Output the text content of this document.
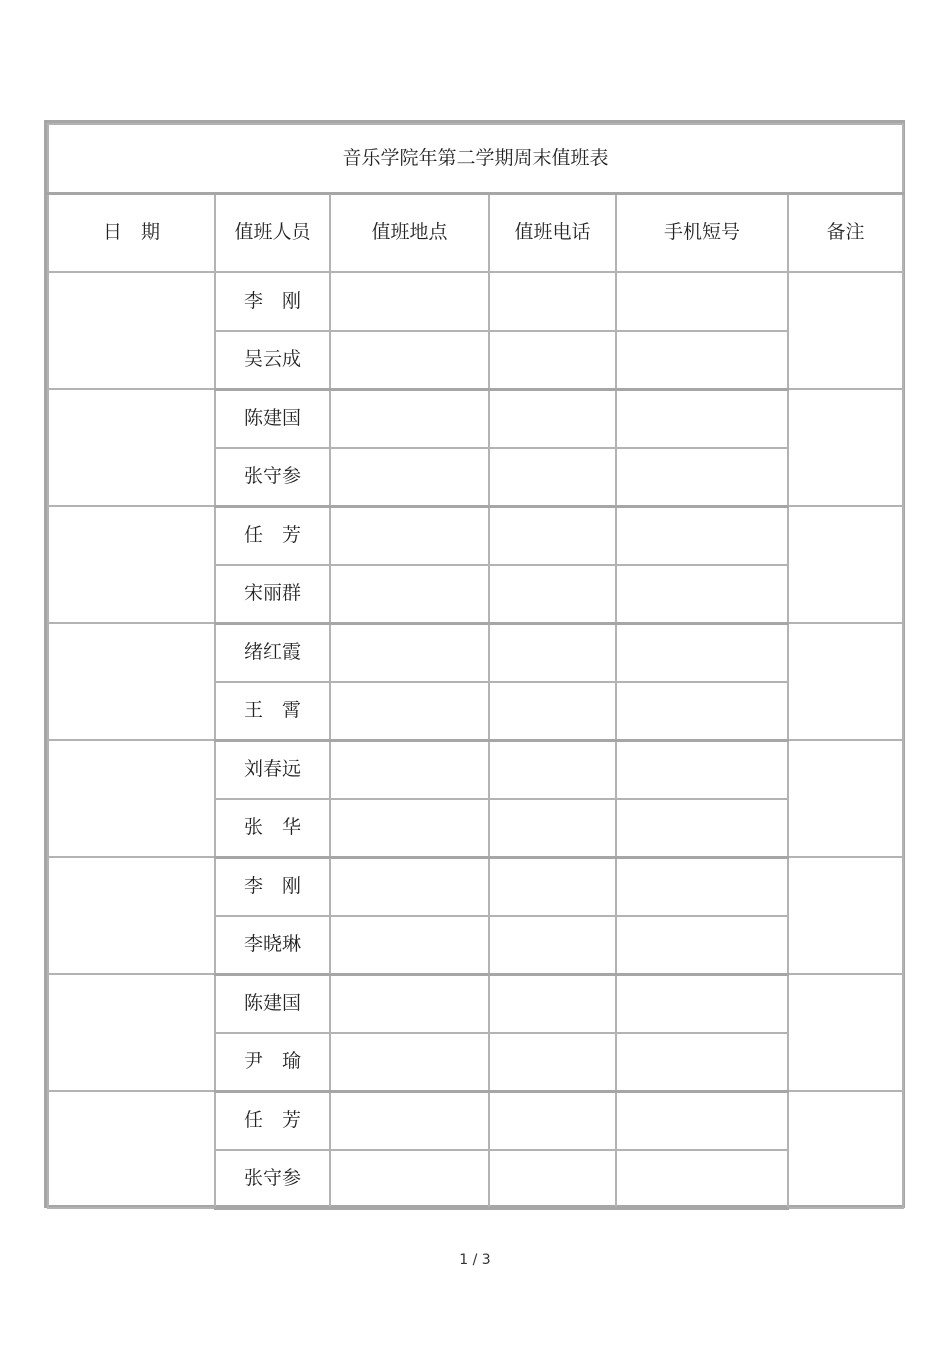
音乐学院年第二学期周末值班表					
日　期	值班人员	值班地点	值班电话	手机短号	备注
	李　刚				
	吴云成				
	陈建国				
	张守参				
	任　芳				
	宋丽群				
	绪红霞				
	王　霄				
	刘春远				
	张　华				
	李　刚				
	李晓琳				
	陈建国				
	尹　瑜				
	任　芳				
	张守参				
1 / 3
